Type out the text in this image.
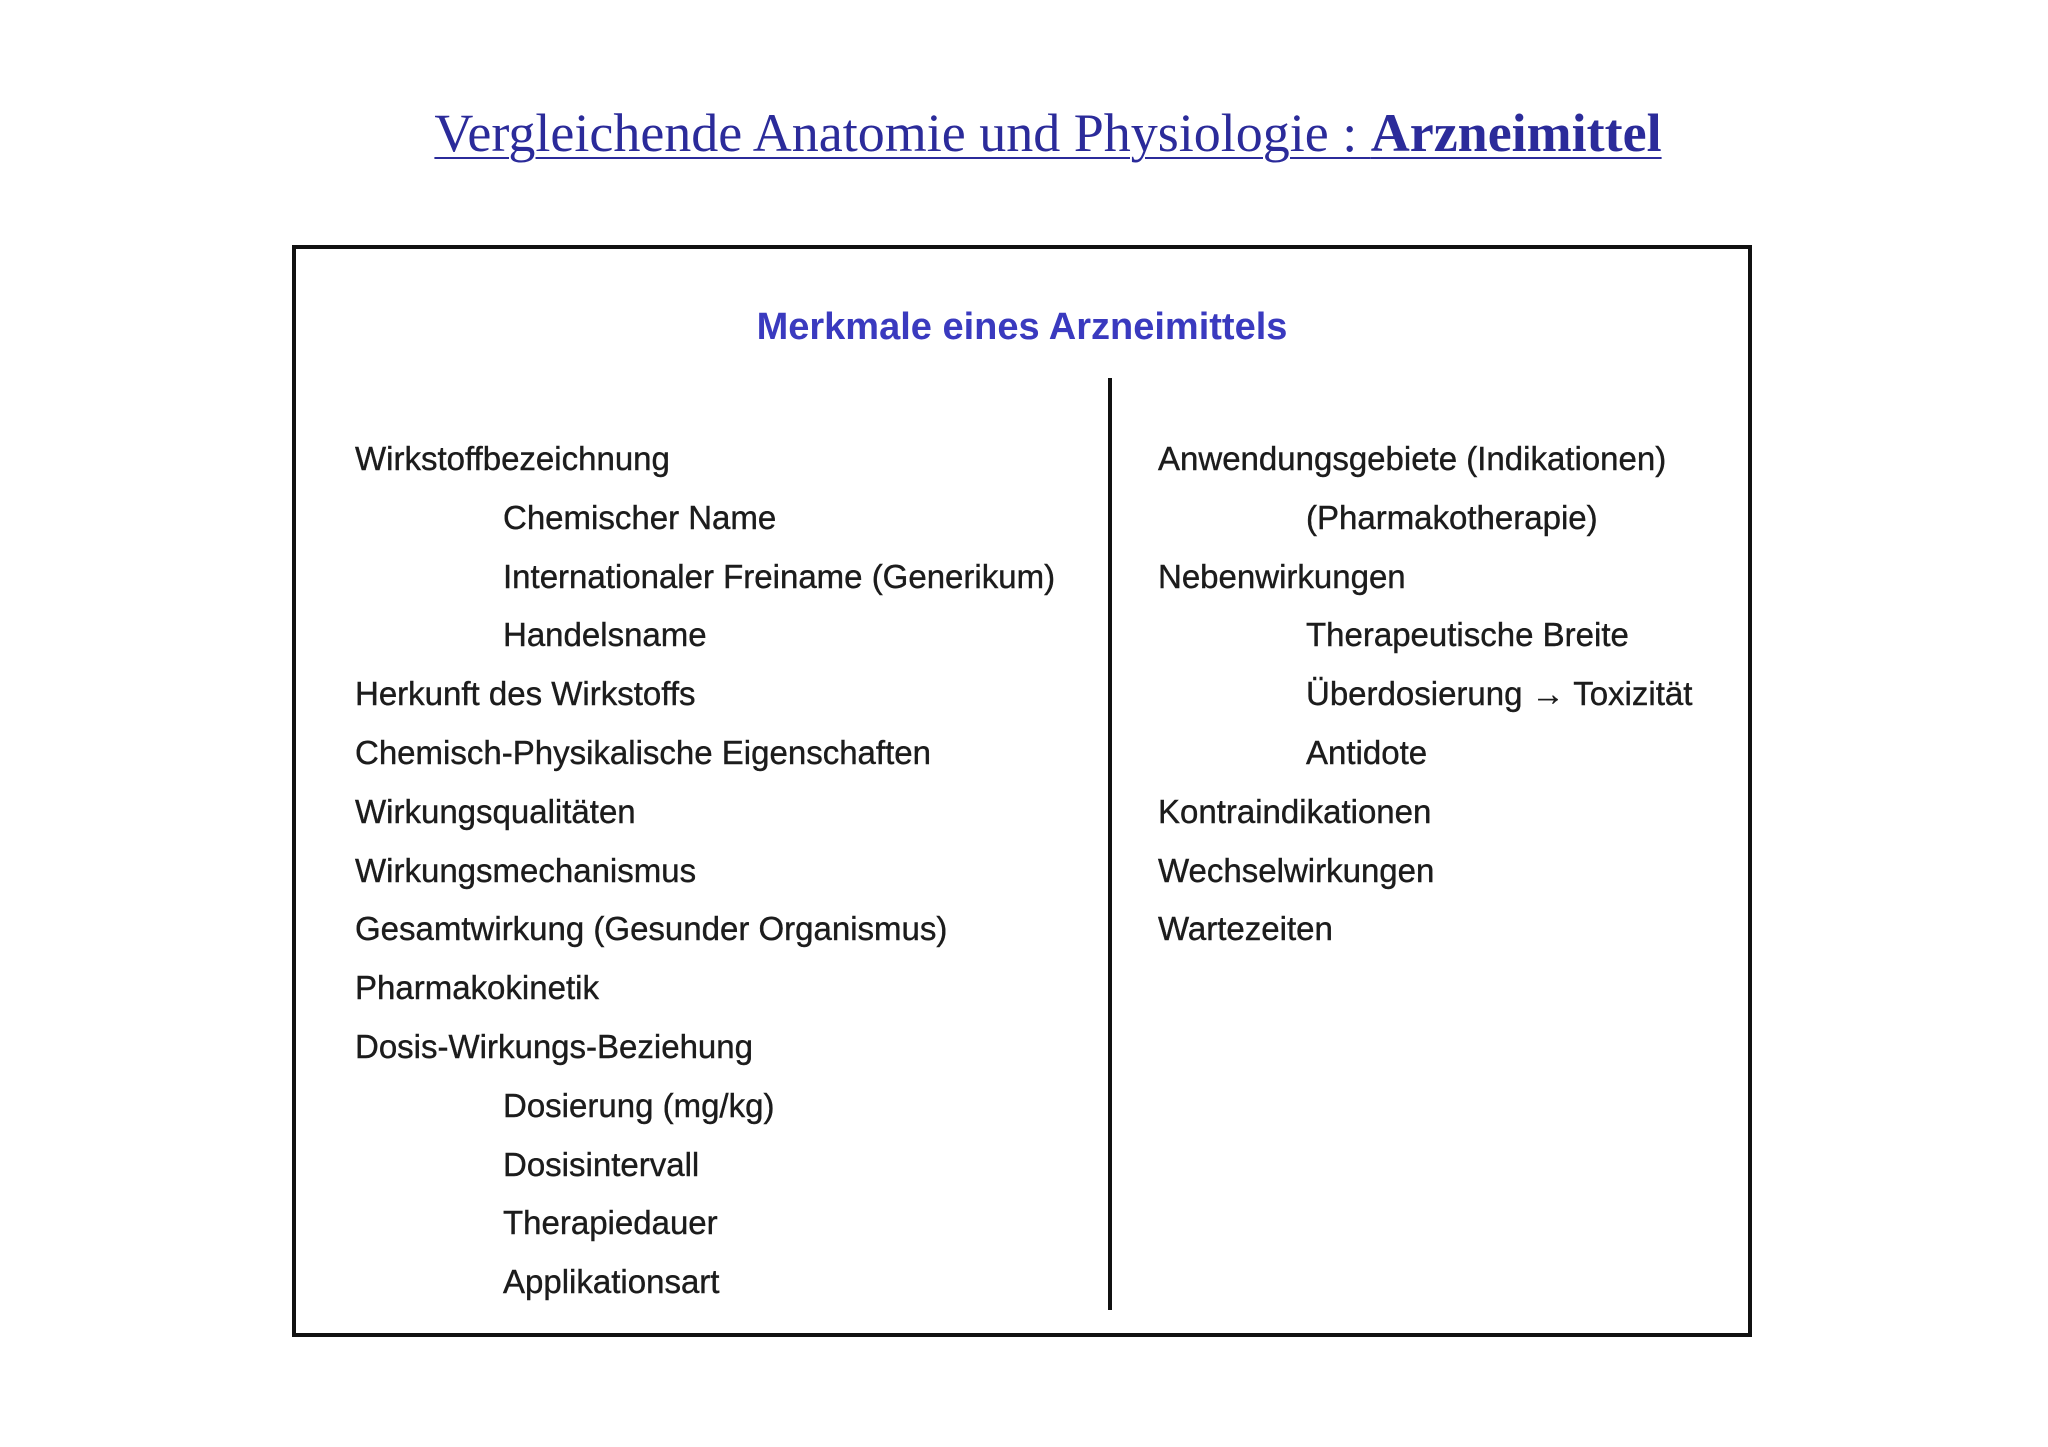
Vergleichende Anatomie und Physiologie : Arzneimittel
Merkmale eines Arzneimittels
Wirkstoffbezeichnung
Chemischer Name
Internationaler Freiname (Generikum)
Handelsname
Herkunft des Wirkstoffs
Chemisch-Physikalische Eigenschaften
Wirkungsqualitäten
Wirkungsmechanismus
Gesamtwirkung (Gesunder Organismus)
Pharmakokinetik
Dosis-Wirkungs-Beziehung
Dosierung (mg/kg)
Dosisintervall
Therapiedauer
Applikationsart
Anwendungsgebiete (Indikationen)
(Pharmakotherapie)
Nebenwirkungen
Therapeutische Breite
Überdosierung → Toxizität
Antidote
Kontraindikationen
Wechselwirkungen
Wartezeiten
